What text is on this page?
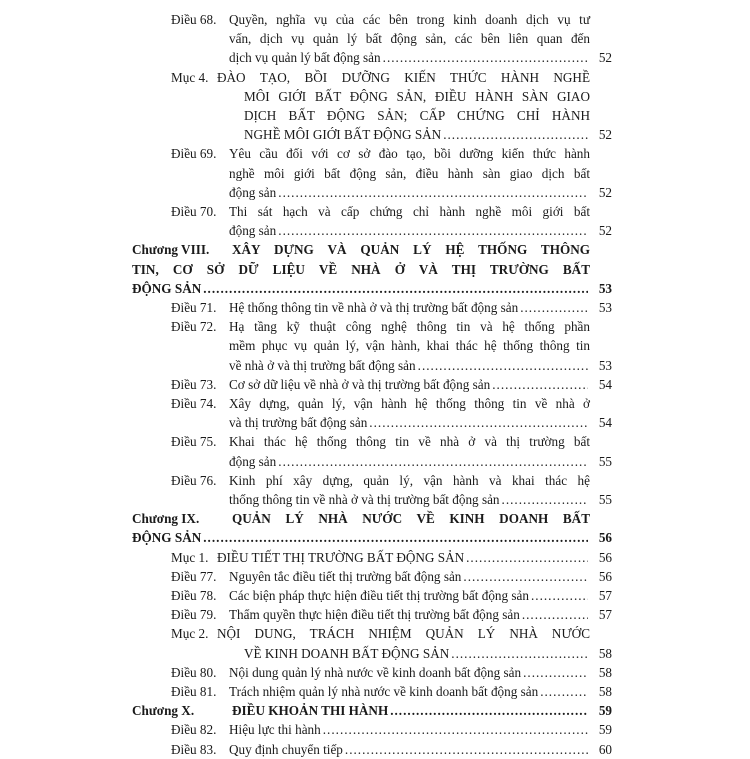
Điều 68. Quyền, nghĩa vụ của các bên trong kinh doanh dịch vụ tư
vấn, dịch vụ quản lý bất động sản, các bên liên quan đến
dịch vụ quản lý bất động sản .....	52
Mục 4. ĐÀO TẠO, BỒI DƯỠNG KIẾN THỨC HÀNH NGHỀ
MÔI GIỚI BẤT ĐỘNG SẢN, ĐIỀU HÀNH SÀN GIAO
DỊCH BẤT ĐỘNG SẢN; CẤP CHỨNG CHỈ HÀNH
NGHỀ MÔI GIỚI BẤT ĐỘNG SẢN .....	52
Điều 69. Yêu cầu đối với cơ sở đào tạo, bồi dưỡng kiến thức hành
nghề môi giới bất động sản, điều hành sàn giao dịch bất
động sản .....	52
Điều 70. Thi sát hạch và cấp chứng chỉ hành nghề môi giới bất
động sản .....	52
Chương VIII. XÂY DỰNG VÀ QUẢN LÝ HỆ THỐNG THÔNG
TIN, CƠ SỞ DỮ LIỆU VỀ NHÀ Ở VÀ THỊ TRƯỜNG BẤT
ĐỘNG SẢN .....	53
Điều 71. Hệ thống thông tin về nhà ở và thị trường bất động sản .....	53
Điều 72. Hạ tầng kỹ thuật công nghệ thông tin và hệ thống phần
mềm phục vụ quản lý, vận hành, khai thác hệ thống thông tin
về nhà ở và thị trường bất động sản .....	53
Điều 73. Cơ sở dữ liệu về nhà ở và thị trường bất động sản .....	54
Điều 74. Xây dựng, quản lý, vận hành hệ thống thông tin về nhà ở
và thị trường bất động sản .....	54
Điều 75. Khai thác hệ thống thông tin về nhà ở và thị trường bất
động sản .....	55
Điều 76. Kinh phí xây dựng, quản lý, vận hành và khai thác hệ
thống thông tin về nhà ở và thị trường bất động sản .....	55
Chương IX. QUẢN LÝ NHÀ NƯỚC VỀ KINH DOANH BẤT
ĐỘNG SẢN .....	56
Mục 1. ĐIỀU TIẾT THỊ TRƯỜNG BẤT ĐỘNG SẢN .....	56
Điều 77. Nguyên tắc điều tiết thị trường bất động sản .....	56
Điều 78. Các biện pháp thực hiện điều tiết thị trường bất động sản .....	57
Điều 79. Thẩm quyền thực hiện điều tiết thị trường bất động sản .....	57
Mục 2. NỘI DUNG, TRÁCH NHIỆM QUẢN LÝ NHÀ NƯỚC
VỀ KINH DOANH BẤT ĐỘNG SẢN .....	58
Điều 80. Nội dung quản lý nhà nước về kinh doanh bất động sản .....	58
Điều 81. Trách nhiệm quản lý nhà nước về kinh doanh bất động sản .....	58
Chương X.	ĐIỀU KHOẢN THI HÀNH .....	59
Điều 82. Hiệu lực thi hành .....	59
Điều 83. Quy định chuyển tiếp .....	60
